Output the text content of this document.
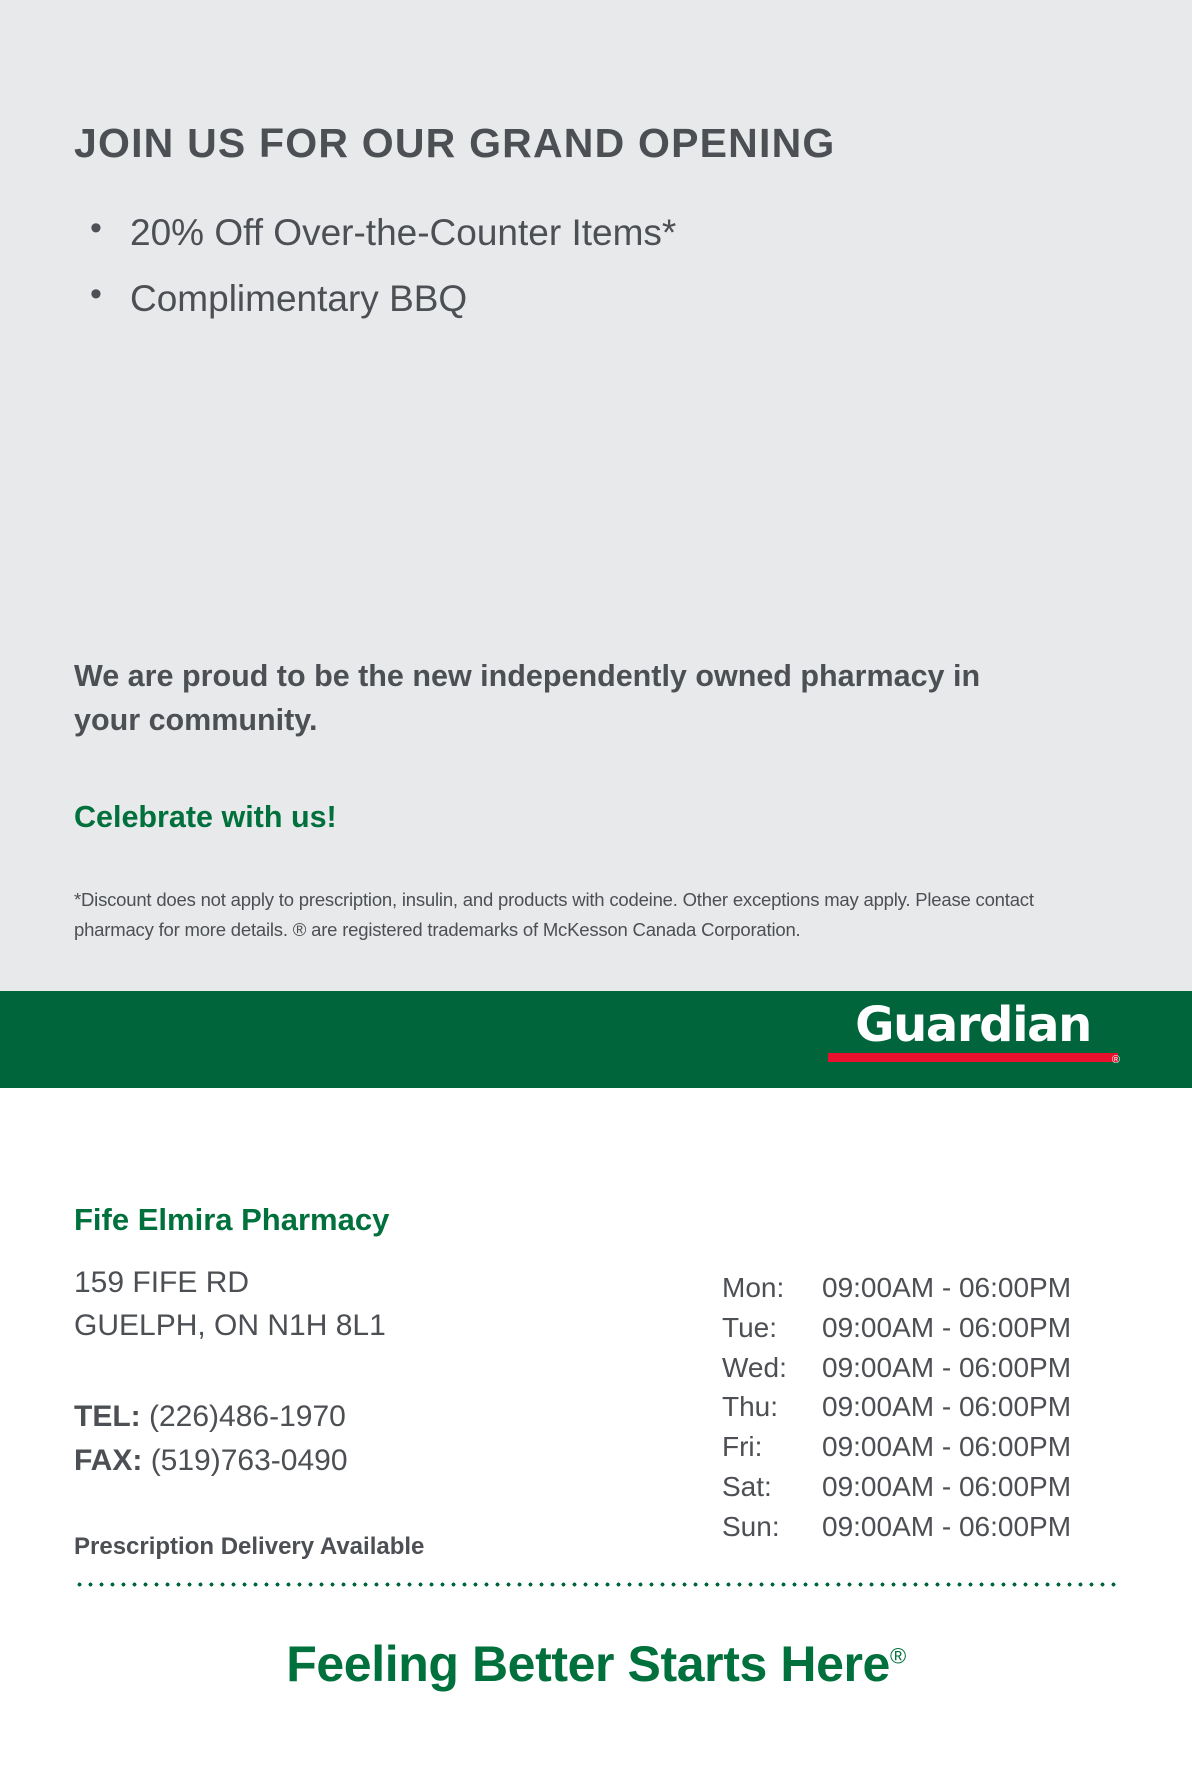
JOIN US FOR OUR GRAND OPENING
• 20% Off Over-the-Counter Items*
• Complimentary BBQ
We are proud to be the new independently owned pharmacy in your community.
Celebrate with us!
*Discount does not apply to prescription, insulin, and products with codeine. Other exceptions may apply. Please contact pharmacy for more details. ® are registered trademarks of McKesson Canada Corporation.
Guardian
®
Fife Elmira Pharmacy
159 FIFE RD
GUELPH, ON N1H 8L1
TEL: (226)486-1970
FAX: (519)763-0490
Prescription Delivery Available
Mon:	09:00AM - 06:00PM
Tue:	09:00AM - 06:00PM
Wed:	09:00AM - 06:00PM
Thu:	09:00AM - 06:00PM
Fri:	09:00AM - 06:00PM
Sat:	09:00AM - 06:00PM
Sun:	09:00AM - 06:00PM
Feeling Better Starts Here®
